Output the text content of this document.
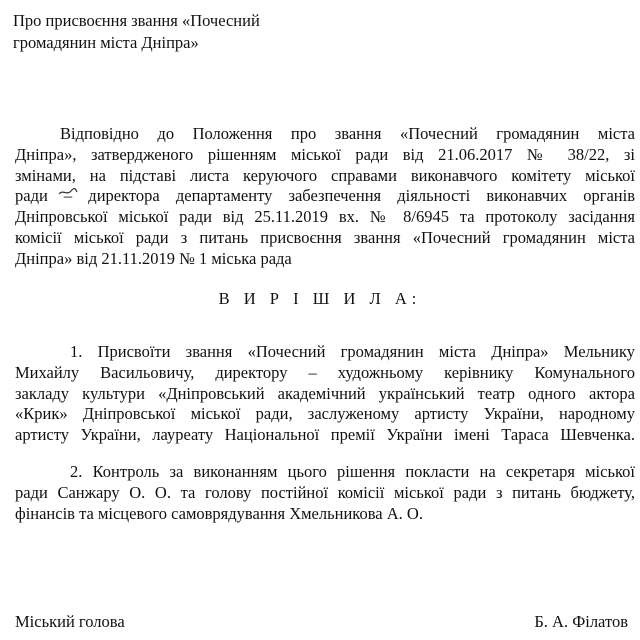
Про присвоєння звання «Почесний
громадянин міста Дніпра»
Відповідно до Положення про звання «Почесний громадянин міста
Дніпра», затвердженого рішенням міської ради від 21.06.2017 № 38/22, зі
змінами, на підставі листа керуючого справами виконавчого комітету міської
ради – директора департаменту забезпечення діяльності виконавчих органів
Дніпровської міської ради від 25.11.2019 вх. № 8/6945 та протоколу засідання
комісії міської ради з питань присвоєння звання «Почесний громадянин міста
Дніпра» від 21.11.2019 № 1 міська рада
В И Р І Ш И Л А:
1. Присвоїти звання «Почесний громадянин міста Дніпра» Мельнику
Михайлу Васильовичу, директору – художньому керівнику Комунального
закладу культури «Дніпровський академічний український театр одного актора
«Крик» Дніпровської міської ради, заслуженому артисту України, народному
артисту України, лауреату Національної премії України імені Тараса Шевченка.
2. Контроль за виконанням цього рішення покласти на секретаря міської
ради Санжару О. О. та голову постійної комісії міської ради з питань бюджету,
фінансів та місцевого самоврядування Хмельникова А. О.
Міський голова	Б. А. Філатов
